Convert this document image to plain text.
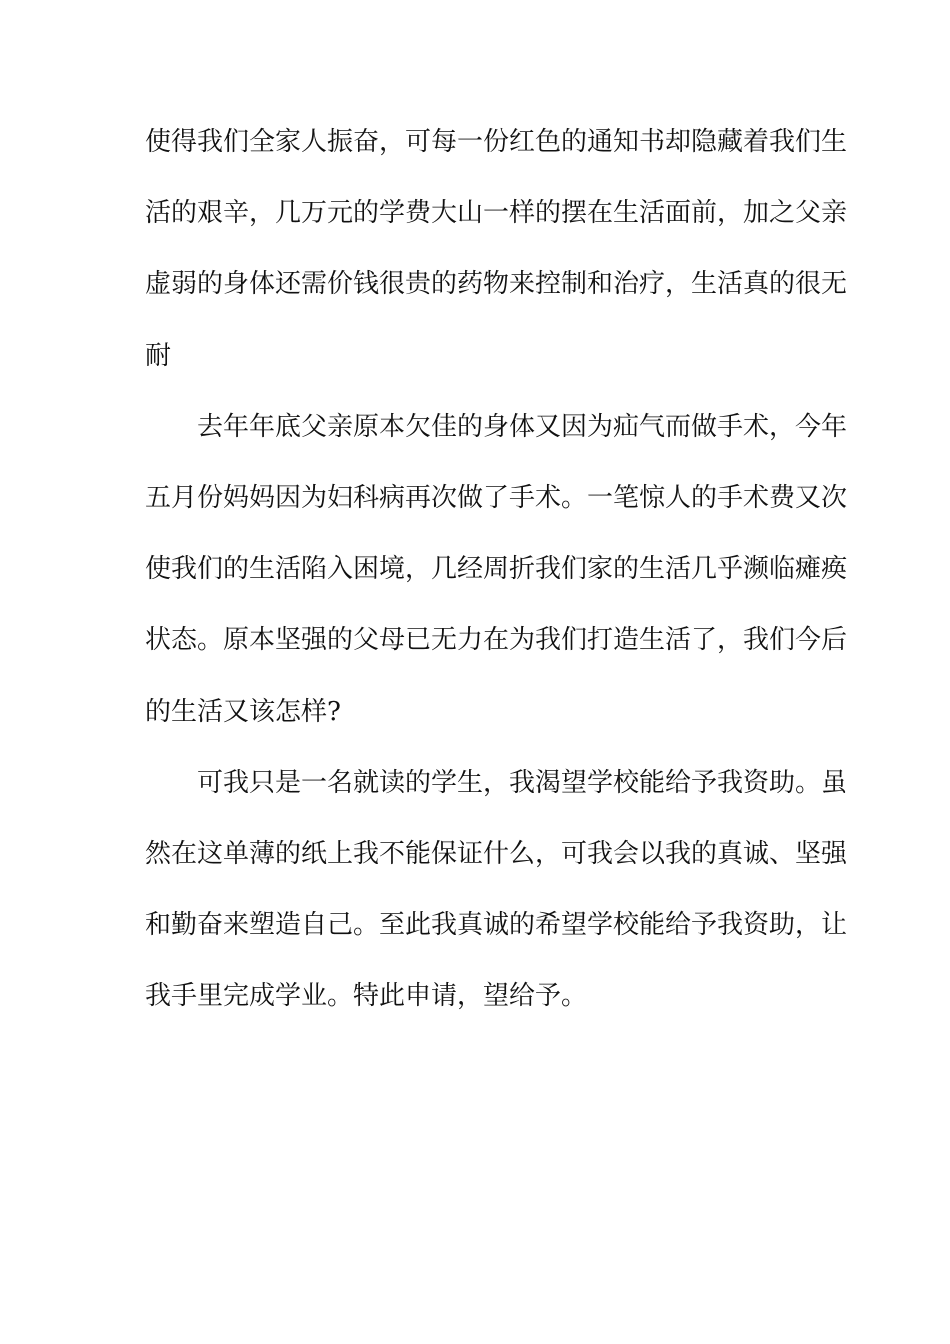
使得我们全家人振奋，可每一份红色的通知书却隐藏着我们生
活的艰辛，几万元的学费大山一样的摆在生活面前，加之父亲
虚弱的身体还需价钱很贵的药物来控制和治疗，生活真的很无
耐
去年年底父亲原本欠佳的身体又因为疝气而做手术，今年
五月份妈妈因为妇科病再次做了手术。一笔惊人的手术费又次
使我们的生活陷入困境，几经周折我们家的生活几乎濒临瘫痪
状态。原本坚强的父母已无力在为我们打造生活了，我们今后
的生活又该怎样?
可我只是一名就读的学生，我渴望学校能给予我资助。虽
然在这单薄的纸上我不能保证什么，可我会以我的真诚、坚强
和勤奋来塑造自己。至此我真诚的希望学校能给予我资助，让
我手里完成学业。特此申请，望给予。
